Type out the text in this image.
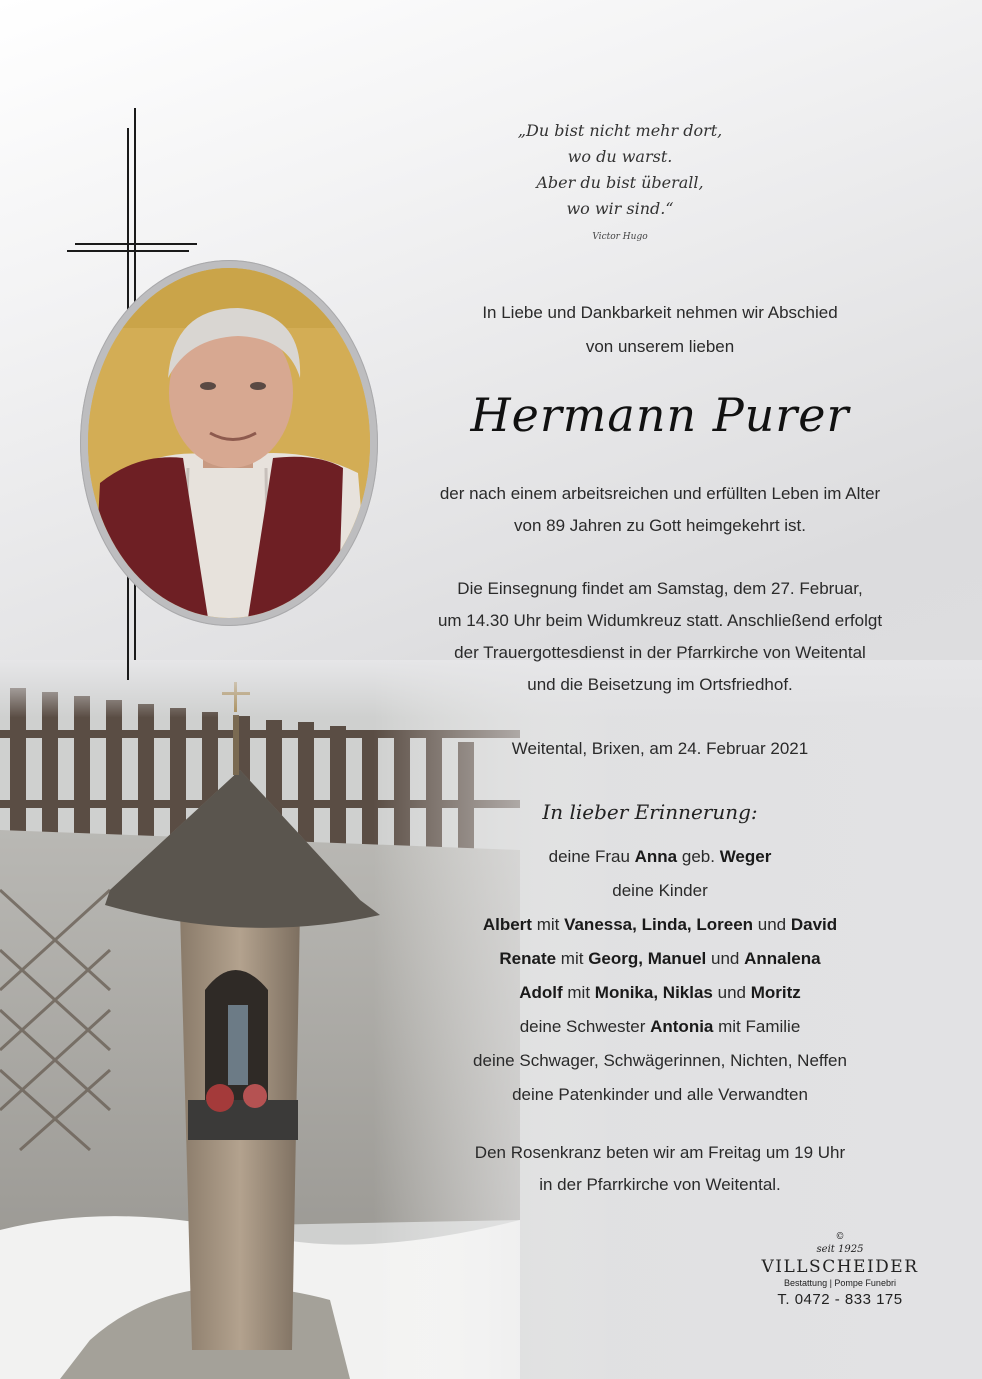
„Du bist nicht mehr dort,
wo du warst.
Aber du bist überall,
wo wir sind.“
Victor Hugo
In Liebe und Dankbarkeit nehmen wir Abschied
von unserem lieben
Hermann Purer
der nach einem arbeitsreichen und erfüllten Leben im Alter
von 89 Jahren zu Gott heimgekehrt ist.
Die Einsegnung findet am Samstag, dem 27. Februar,
um 14.30 Uhr beim Widumkreuz statt. Anschließend erfolgt
der Trauergottesdienst in der Pfarrkirche von Weitental
und die Beisetzung im Ortsfriedhof.
Weitental, Brixen, am 24. Februar 2021
In lieber Erinnerung:
deine Frau Anna geb. Weger
deine Kinder
Albert mit Vanessa, Linda, Loreen und David
Renate mit Georg, Manuel und Annalena
Adolf mit Monika, Niklas und Moritz
deine Schwester Antonia mit Familie
deine Schwager, Schwägerinnen, Nichten, Neffen
deine Patenkinder und alle Verwandten
Den Rosenkranz beten wir am Freitag um 19 Uhr
in der Pfarrkirche von Weitental.
©
seit 1925
VILLSCHEIDER
Bestattung | Pompe Funebri
T. 0472 - 833 175
